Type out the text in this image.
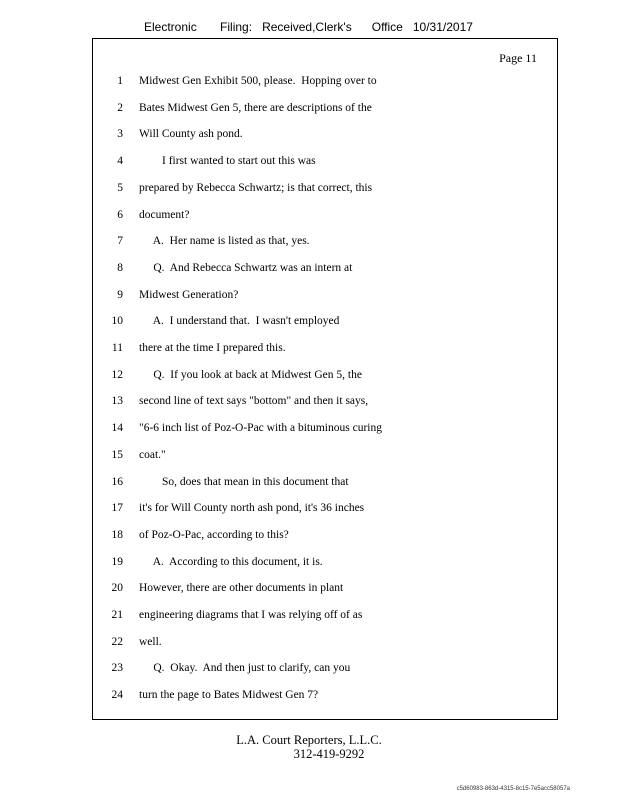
Electronic Filing: Received,Clerk's Office 10/31/2017
Page 11
1 Midwest Gen Exhibit 500, please.  Hopping over to
2 Bates Midwest Gen 5, there are descriptions of the
3 Will County ash pond.
4 I first wanted to start out this was
5 prepared by Rebecca Schwartz; is that correct, this
6 document?
7 A.  Her name is listed as that, yes.
8 Q.  And Rebecca Schwartz was an intern at
9 Midwest Generation?
10 A.  I understand that.  I wasn't employed
11 there at the time I prepared this.
12 Q.  If you look at back at Midwest Gen 5, the
13 second line of text says "bottom" and then it says,
14 "6-6 inch list of Poz-O-Pac with a bituminous curing
15 coat."
16 So, does that mean in this document that
17 it's for Will County north ash pond, it's 36 inches
18 of Poz-O-Pac, according to this?
19 A.  According to this document, it is.
20 However, there are other documents in plant
21 engineering diagrams that I was relying off of as
22 well.
23 Q.  Okay.  And then just to clarify, can you
24 turn the page to Bates Midwest Gen 7?
L.A. Court Reporters, L.L.C.
312-419-9292
c5d60983-863d-4315-8c15-7e5acc58057a
